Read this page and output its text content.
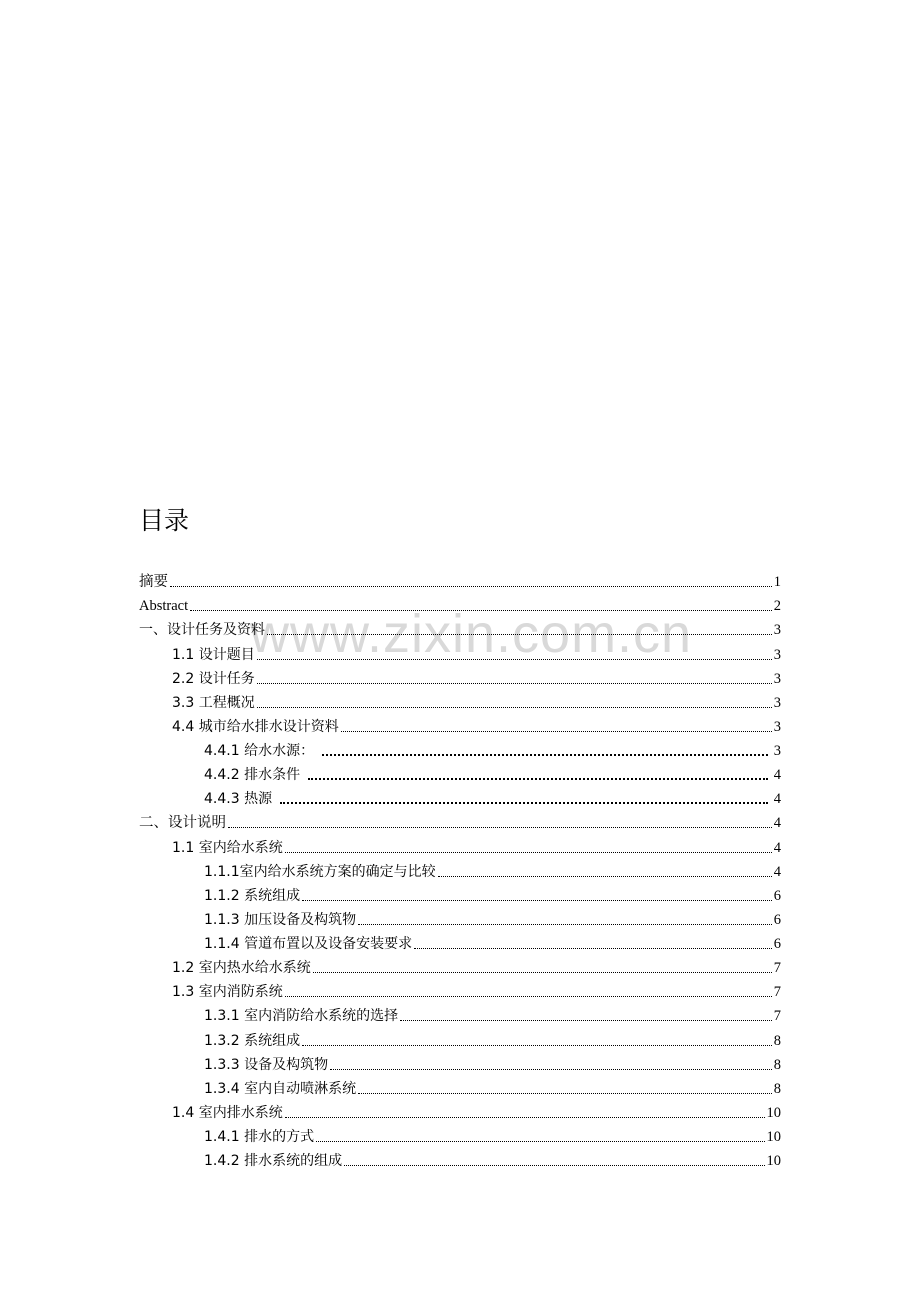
www.zixin.com.cn
目录
摘要	1
Abstract	2
一、设计任务及资料	3
1.1 设计题目	3
2.2 设计任务	3
3.3 工程概况	3
4.4 城市给水排水设计资料	3
4.4.1 给水水源：	3
4.4.2 排水条件	4
4.4.3 热源	4
二、设计说明	4
1.1 室内给水系统	4
1.1.1室内给水系统方案的确定与比较	4
1.1.2 系统组成	6
1.1.3 加压设备及构筑物	6
1.1.4 管道布置以及设备安装要求	6
1.2 室内热水给水系统	7
1.3 室内消防系统	7
1.3.1 室内消防给水系统的选择	7
1.3.2 系统组成	8
1.3.3 设备及构筑物	8
1.3.4 室内自动喷淋系统	8
1.4 室内排水系统	10
1.4.1 排水的方式	10
1.4.2 排水系统的组成	10
